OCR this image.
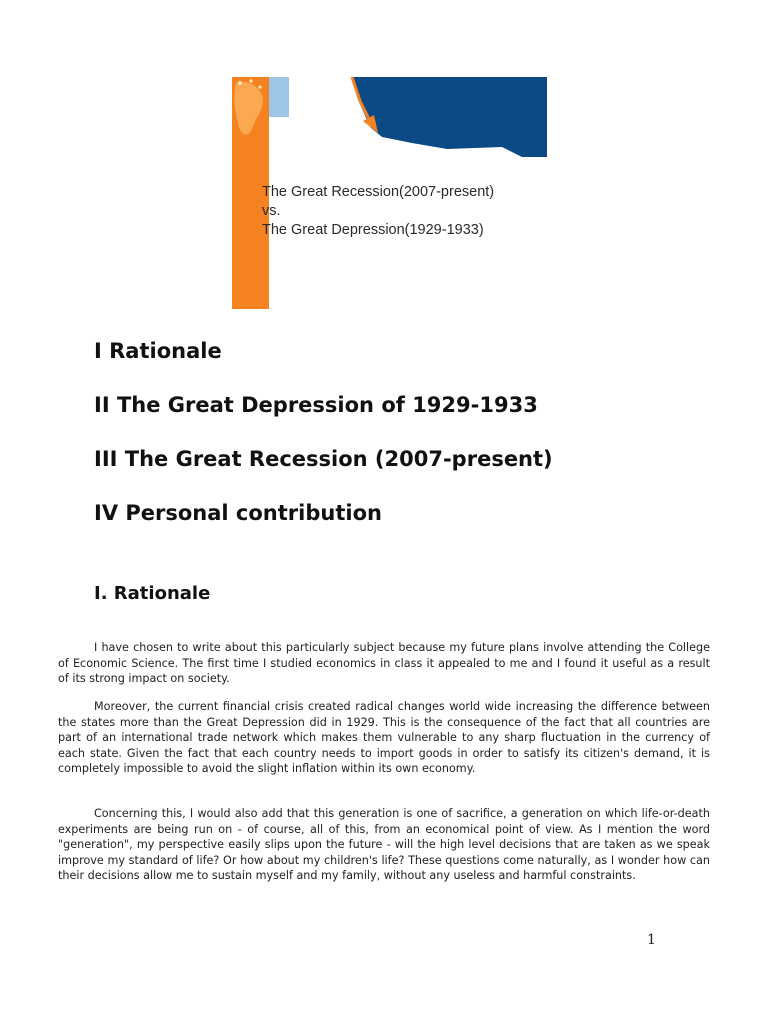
The Great Recession(2007-present)
vs.
The Great Depression(1929-1933)
I Rationale
II The Great Depression of 1929-1933
III The Great Recession (2007-present)
IV Personal contribution
I. Rationale

I have chosen to write about this particularly subject because my future plans involve attending the College of Economic Science. The first time I studied economics in class it appealed to me and I found it useful as a result of its strong impact on society.

Moreover, the current financial crisis created radical changes world wide increasing the difference between the states more than the Great Depression did in 1929. This is the consequence of the fact that all countries are part of an international trade network which makes them vulnerable to any sharp fluctuation in the currency of each state. Given the fact that each country needs to import goods in order to satisfy its citizen's demand, it is completely impossible to avoid the slight inflation within its own economy.

Concerning this, I would also add that this generation is one of sacrifice, a generation on which life-or-death experiments are being run on - of course, all of this, from an economical point of view. As I mention the word "generation", my perspective easily slips upon the future - will the high level decisions that are taken as we speak improve my standard of life? Or how about my children's life? These questions come naturally, as I wonder how can their decisions allow me to sustain myself and my family, without any useless and harmful constraints.

1
